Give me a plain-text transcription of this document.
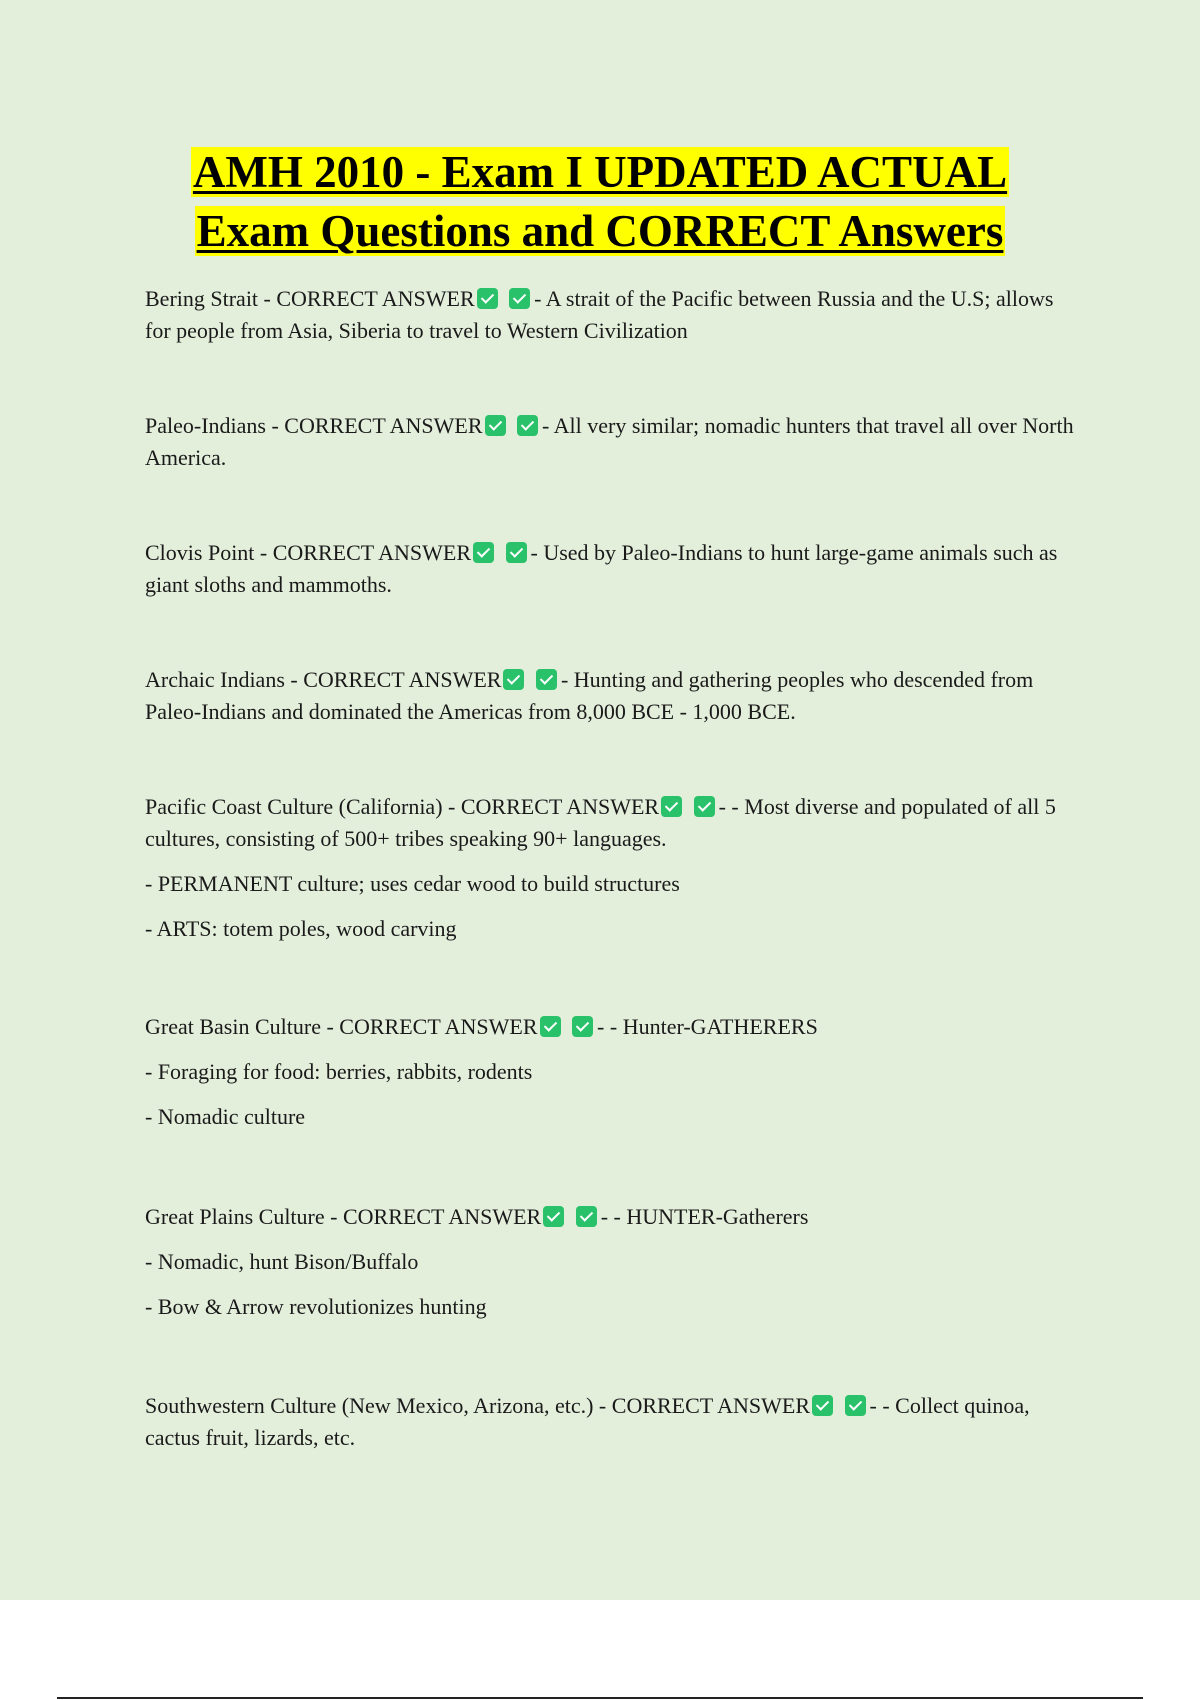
AMH 2010 - Exam I UPDATED ACTUAL
Exam Questions and CORRECT Answers

Bering Strait - CORRECT ANSWER	- A strait of the Pacific between Russia and the U.S; allows for people from Asia, Siberia to travel to Western Civilization

Paleo-Indians - CORRECT ANSWER	- All very similar; nomadic hunters that travel all over North America.

Clovis Point - CORRECT ANSWER	- Used by Paleo-Indians to hunt large-game animals such as giant sloths and mammoths.

Archaic Indians - CORRECT ANSWER	- Hunting and gathering peoples who descended from Paleo-Indians and dominated the Americas from 8,000 BCE - 1,000 BCE.

Pacific Coast Culture (California) - CORRECT ANSWER	- - Most diverse and populated of all 5 cultures, consisting of 500+ tribes speaking 90+ languages.

- PERMANENT culture; uses cedar wood to build structures

- ARTS: totem poles, wood carving

Great Basin Culture - CORRECT ANSWER	- - Hunter-GATHERERS

- Foraging for food: berries, rabbits, rodents

- Nomadic culture

Great Plains Culture - CORRECT ANSWER	- - HUNTER-Gatherers

- Nomadic, hunt Bison/Buffalo

- Bow & Arrow revolutionizes hunting

Southwestern Culture (New Mexico, Arizona, etc.) - CORRECT ANSWER	- - Collect quinoa, cactus fruit, lizards, etc.
